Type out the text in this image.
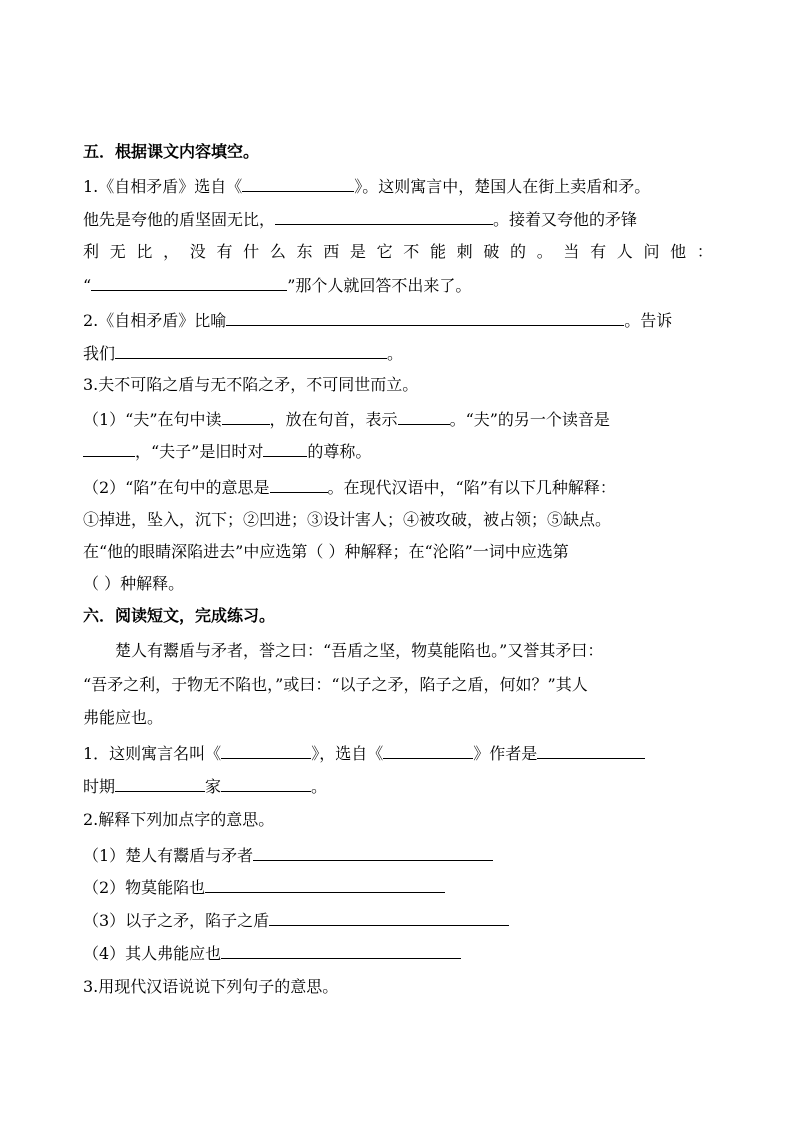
五．根据课文内容填空。
1.《自相矛盾》选自《	》。这则寓言中，楚国人在街上卖盾和矛。
他先是夸他的盾坚固无比，	。接着又夸他的矛锋
利 无 比 ， 没 有 什 么 东 西 是 它 不 能 刺 破 的 。 当 有 人 问 他 ：
“	”那个人就回答不出来了。
2.《自相矛盾》比喻	。告诉
我们	。
3.夫不可陷之盾与无不陷之矛，不可同世而立。
（1）“夫”在句中读	，放在句首，表示	。“夫”的另一个读音是
，“夫子”是旧时对	的尊称。
（2）“陷”在句中的意思是	。在现代汉语中，“陷”有以下几种解释：
①掉进，坠入，沉下；②凹进；③设计害人；④被攻破，被占领；⑤缺点。
在“他的眼睛深陷进去”中应选第（ ）种解释；在“沦陷”一词中应选第
（ ）种解释。
六．阅读短文，完成练习。
楚人有鬻盾与矛者，誉之曰：“吾盾之坚，物莫能陷也。”又誉其矛曰：
“吾矛之利，于物无不陷也，”或曰：“以子之矛，陷子之盾，何如？”其人
弗能应也。
1．这则寓言名叫《	》，选自《	》作者是
时期	家	。
2.解释下列加点字的意思。
（1）楚人有鬻盾与矛者
（2）物莫能陷也
（3）以子之矛，陷子之盾
（4）其人弗能应也
3.用现代汉语说说下列句子的意思。
